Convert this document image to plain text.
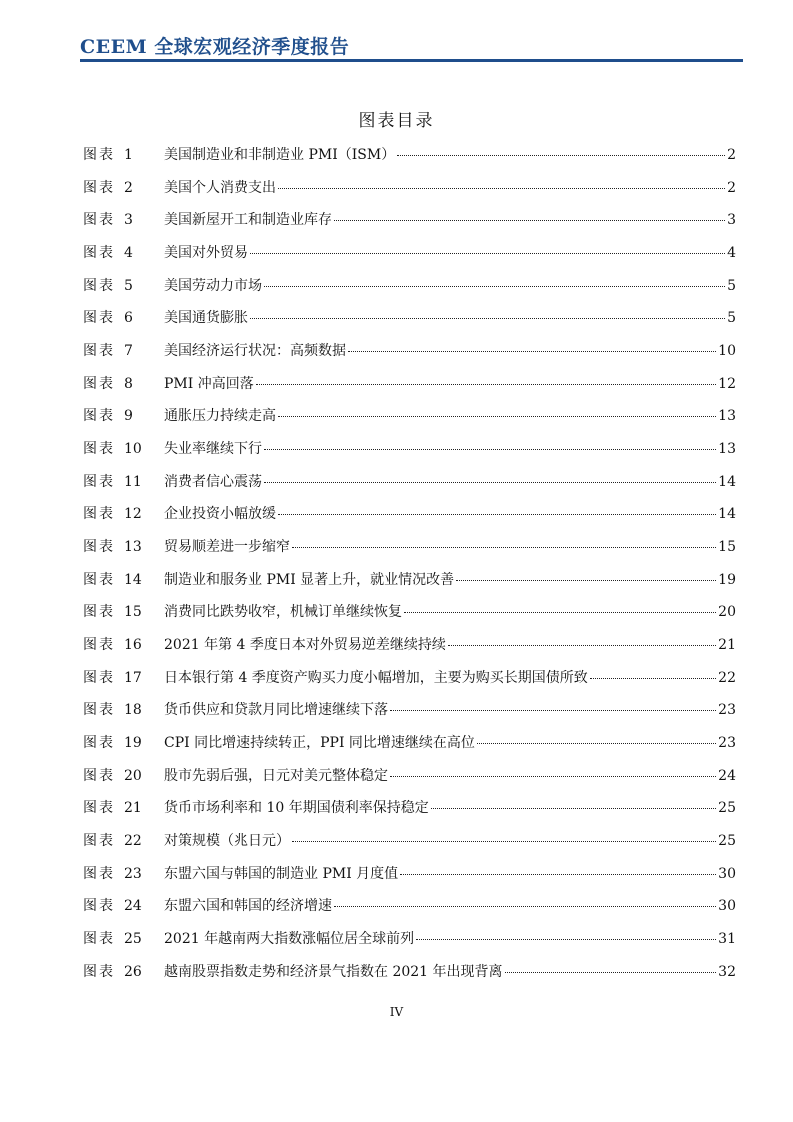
CEEM 全球宏观经济季度报告
图表目录
图表 1	美国制造业和非制造业 PMI（ISM）	2
图表 2	美国个人消费支出	2
图表 3	美国新屋开工和制造业库存	3
图表 4	美国对外贸易	4
图表 5	美国劳动力市场	5
图表 6	美国通货膨胀	5
图表 7	美国经济运行状况：高频数据	10
图表 8	PMI 冲高回落	12
图表 9	通胀压力持续走高	13
图表 10	失业率继续下行	13
图表 11	消费者信心震荡	14
图表 12	企业投资小幅放缓	14
图表 13	贸易顺差进一步缩窄	15
图表 14	制造业和服务业 PMI 显著上升，就业情况改善	19
图表 15	消费同比跌势收窄，机械订单继续恢复	20
图表 16	2021 年第 4 季度日本对外贸易逆差继续持续	21
图表 17	日本银行第 4 季度资产购买力度小幅增加，主要为购买长期国债所致	22
图表 18	货币供应和贷款月同比增速继续下落	23
图表 19	CPI 同比增速持续转正，PPI 同比增速继续在高位	23
图表 20	股市先弱后强，日元对美元整体稳定	24
图表 21	货币市场利率和 10 年期国债利率保持稳定	25
图表 22	对策规模（兆日元）	25
图表 23	东盟六国与韩国的制造业 PMI 月度值	30
图表 24	东盟六国和韩国的经济增速	30
图表 25	2021 年越南两大指数涨幅位居全球前列	31
图表 26	越南股票指数走势和经济景气指数在 2021 年出现背离	32
IV
